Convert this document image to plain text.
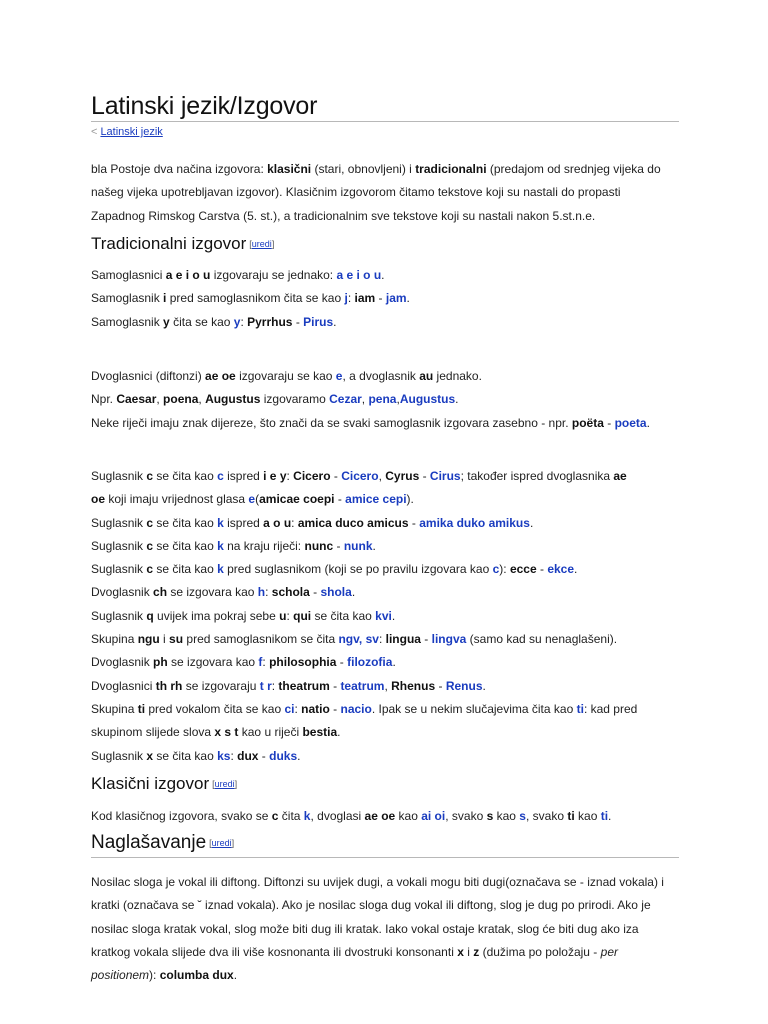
Latinski jezik/Izgovor
< Latinski jezik
bla Postoje dva načina izgovora: klasični (stari, obnovljeni) i tradicionalni (predajom od srednjeg vijeka do
našeg vijeka upotrebljavan izgovor). Klasičnim izgovorom čitamo tekstove koji su nastali do propasti
Zapadnog Rimskog Carstva (5. st.), a tradicionalnim sve tekstove koji su nastali nakon 5.st.n.e.
Tradicionalni izgovor [uredi]
Samoglasnici a e i o u izgovaraju se jednako: a e i o u.
Samoglasnik i pred samoglasnikom čita se kao j: iam - jam.
Samoglasnik y čita se kao y: Pyrrhus - Pirus.
Dvoglasnici (diftonzi) ae oe izgovaraju se kao e, a dvoglasnik au jednako.
Npr. Caesar, poena, Augustus izgovaramo Cezar, pena,Augustus.
Neke riječi imaju znak dijereze, što znači da se svaki samoglasnik izgovara zasebno - npr. poëta - poeta.
Suglasnik c se čita kao c ispred i e y: Cicero - Cicero, Cyrus - Cirus; također ispred dvoglasnika ae
oe koji imaju vrijednost glasa e(amicae coepi - amice cepi).
Suglasnik c se čita kao k ispred a o u: amica duco amicus - amika duko amikus.
Suglasnik c se čita kao k na kraju riječi: nunc - nunk.
Suglasnik c se čita kao k pred suglasnikom (koji se po pravilu izgovara kao c): ecce - ekce.
Dvoglasnik ch se izgovara kao h: schola - shola.
Suglasnik q uvijek ima pokraj sebe u: qui se čita kao kvi.
Skupina ngu i su pred samoglasnikom se čita ngv, sv: lingua - lingva (samo kad su nenaglašeni).
Dvoglasnik ph se izgovara kao f: philosophia - filozofia.
Dvoglasnici th rh se izgovaraju t r: theatrum - teatrum, Rhenus - Renus.
Skupina ti pred vokalom čita se kao ci: natio - nacio. Ipak se u nekim slučajevima čita kao ti: kad pred
skupinom slijede slova x s t kao u riječi bestia.
Suglasnik x se čita kao ks: dux - duks.
Klasični izgovor [uredi]
Kod klasičnog izgovora, svako se c čita k, dvoglasi ae oe kao ai oi, svako s kao s, svako ti kao ti.
Naglašavanje [uredi]
Nosilac sloga je vokal ili diftong. Diftonzi su uvijek dugi, a vokali mogu biti dugi(označava se - iznad vokala) i
kratki (označava se ˘ iznad vokala). Ako je nosilac sloga dug vokal ili diftong, slog je dug po prirodi. Ako je
nosilac sloga kratak vokal, slog može biti dug ili kratak. Iako vokal ostaje kratak, slog će biti dug ako iza
kratkog vokala slijede dva ili više kosnonanta ili dvostruki konsonanti x i z (dužima po položaju - per
positionem): columba dux.
